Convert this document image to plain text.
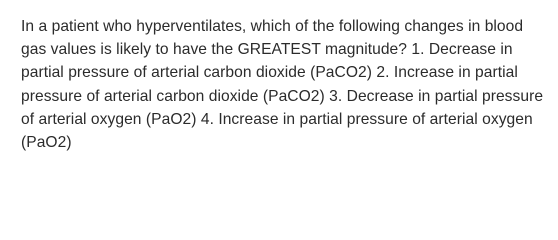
In a patient who hyperventilates, which of the following changes in blood gas values is likely to have the GREATEST magnitude? 1. Decrease in partial pressure of arterial carbon dioxide (PaCO2) 2. Increase in partial pressure of arterial carbon dioxide (PaCO2) 3. Decrease in partial pressure of arterial oxygen (PaO2) 4. Increase in partial pressure of arterial oxygen (PaO2)
